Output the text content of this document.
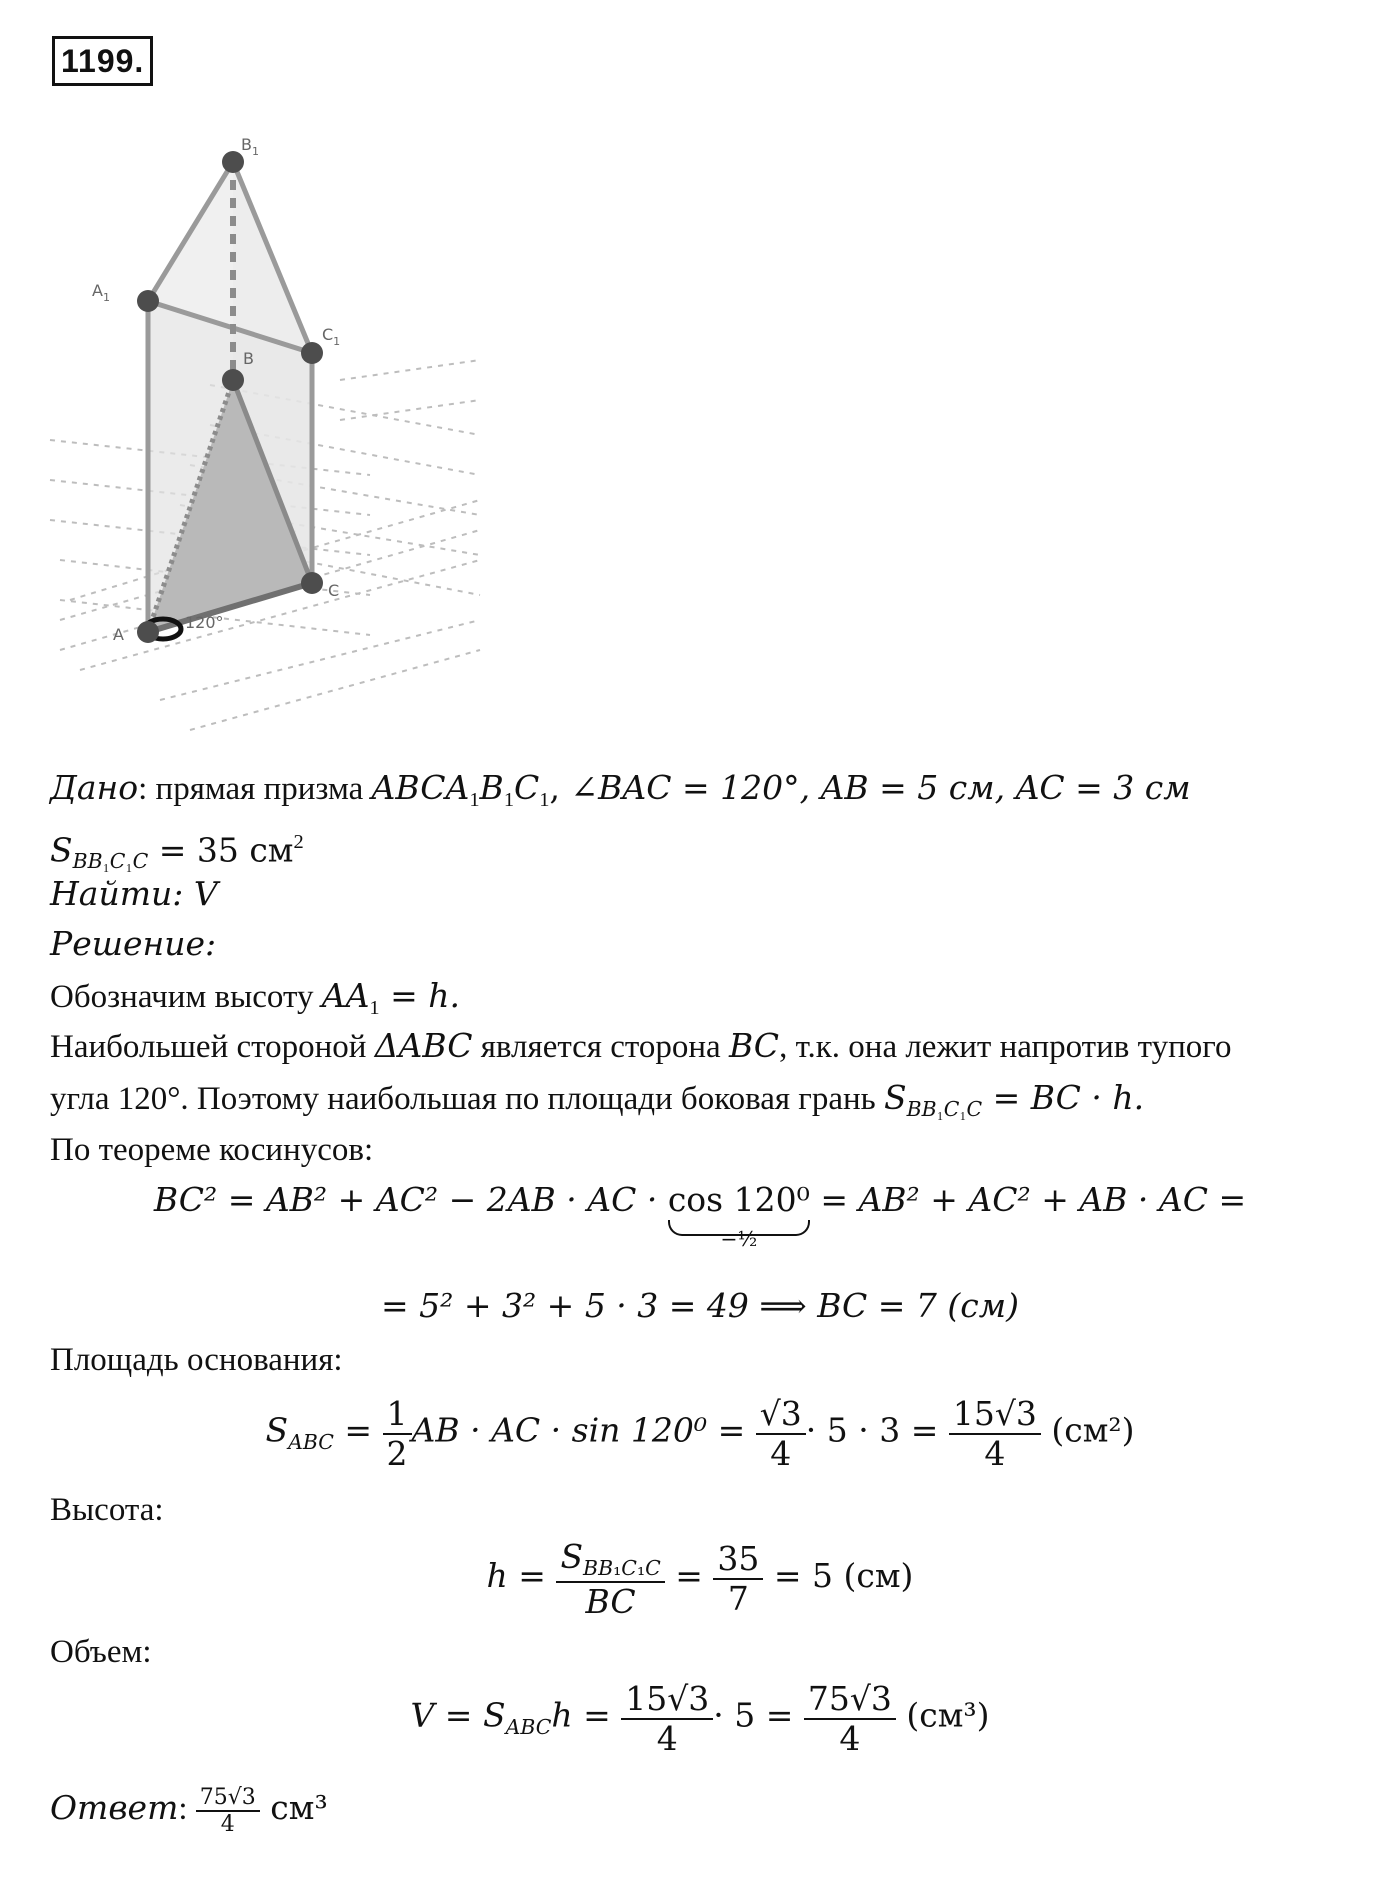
1199.
$B_1$
$A_1$
$C_1$
B
A
C
120°
Дано: прямая призма $ABCA_1B_1C_1$, ∠BAC = 120°, AB = 5 см, AC = 3 см
$S_{BB_1C_1C} = 35$ $см^2$
Найти: V
Решение:
Обозначим высоту $AA_1 = h$.
Наибольшей стороной ΔABC является сторона BC, т.к. она лежит напротив тупого
угла 120°. Поэтому наибольшая по площади боковая грань $S_{BB_1C_1C}$ = BC · h.
По теореме косинусов:
BC² = AB² + AC² − 2AB · AC · cos 120⁰
−½
= AB² + AC² + AB · AC =
= 5² + 3² + 5 · 3 = 49 ⟹ BC = 7 (см)
Площадь основания:
$S_{ABC} = \frac{1}{2}$ AB · AC · $\sin 120^0 = \frac{√3}{4} \cdot 5 \cdot 3 = \frac{15√3}{4} (см^2)$
Высота:
$h = \frac{S_{BB_1C_1C}}{BC} = \frac{35}{7} = 5$ (см)
Объем:
$V = S_{ABC}h = \frac{15√3}{4} \cdot 5 = \frac{75√3}{4} (см^3)$
Ответ: $\frac{75√3}{4} см^3$
